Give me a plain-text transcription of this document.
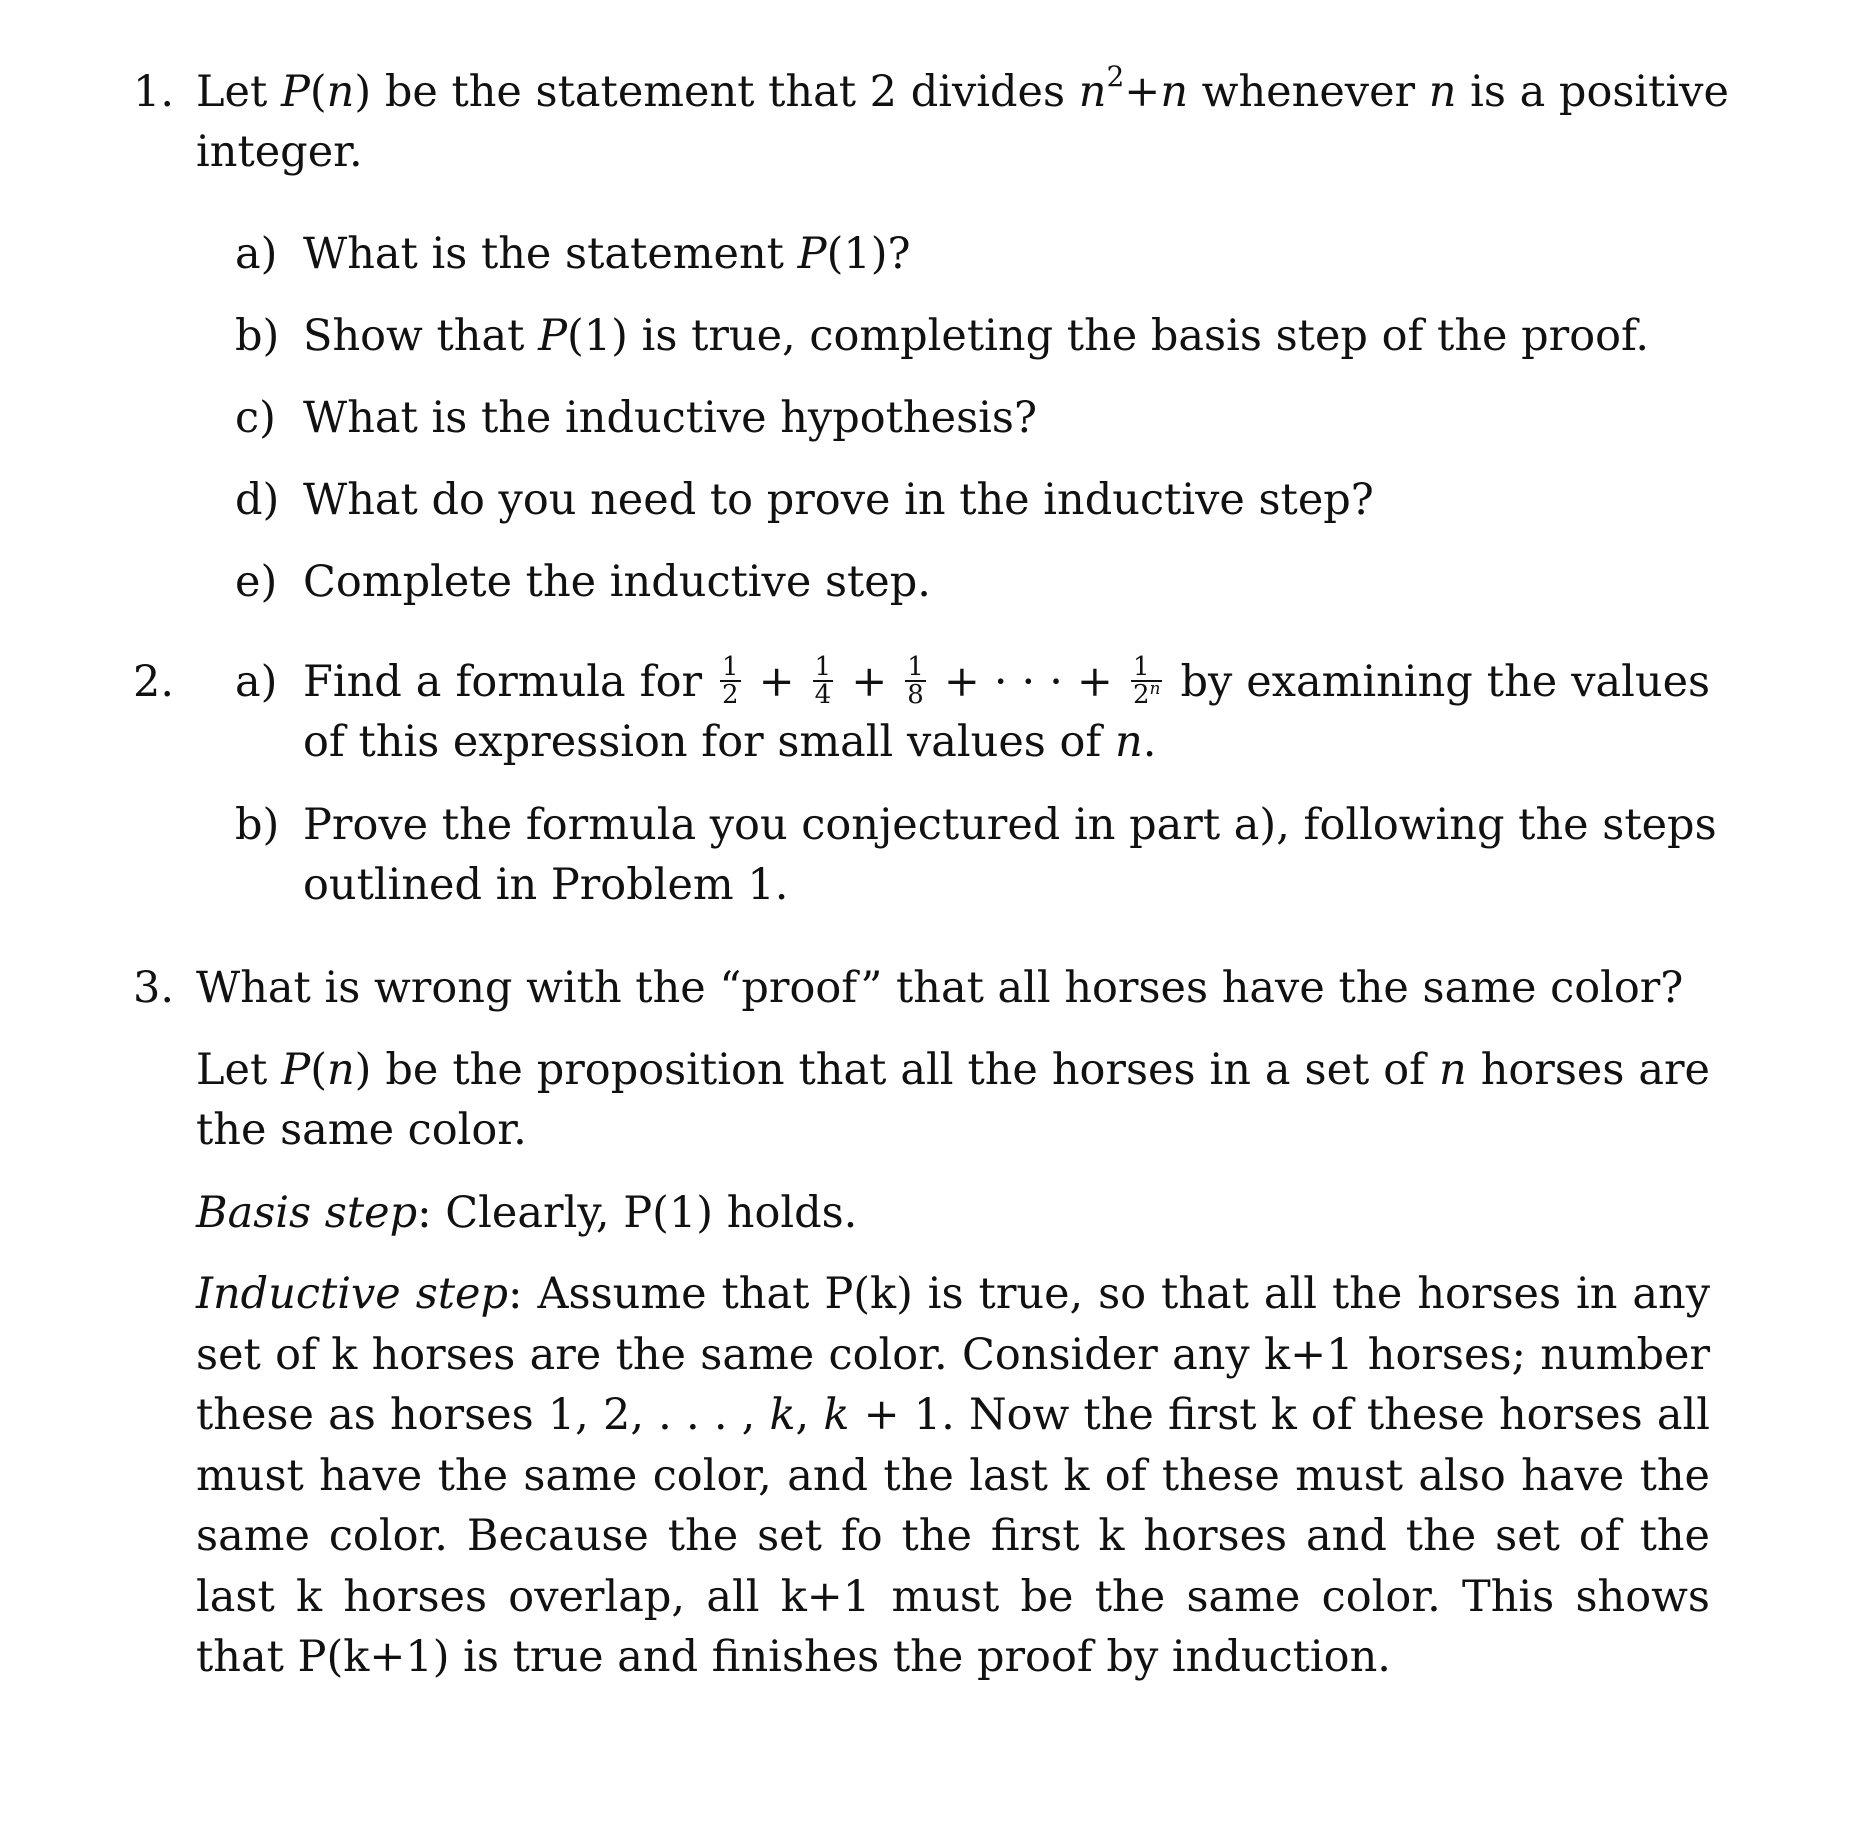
1. Let P(n) be the statement that 2 divides $n^2+n$ whenever n is a positive
integer.
a) What is the statement P(1)?
b) Show that P(1) is true, completing the basis step of the proof.
c) What is the inductive hypothesis?
d) What do you need to prove in the inductive step?
e) Complete the inductive step.
2. a) Find a formula for $\frac{1}{2} + \frac{1}{4} + \frac{1}{8}$ + · · · + $\frac{1}{2^n}$ by examining the values
of this expression for small values of n.
b) Prove the formula you conjectured in part a), following the steps
outlined in Problem 1.
3. What is wrong with the “proof” that all horses have the same color?
Let P(n) be the proposition that all the horses in a set of n horses are
the same color.
Basis step: Clearly, P(1) holds.
Inductive step: Assume that P(k) is true, so that all the horses in any set of k horses are the same color. Consider any k+1 horses; number these as horses 1, 2, . . . , k, k + 1. Now the first k of these horses all must have the same color, and the last k of these must also have the same color. Because the set fo the first k horses and the set of the last k horses overlap, all k+1 must be the same color. This shows that P(k+1) is true and finishes the proof by induction.
